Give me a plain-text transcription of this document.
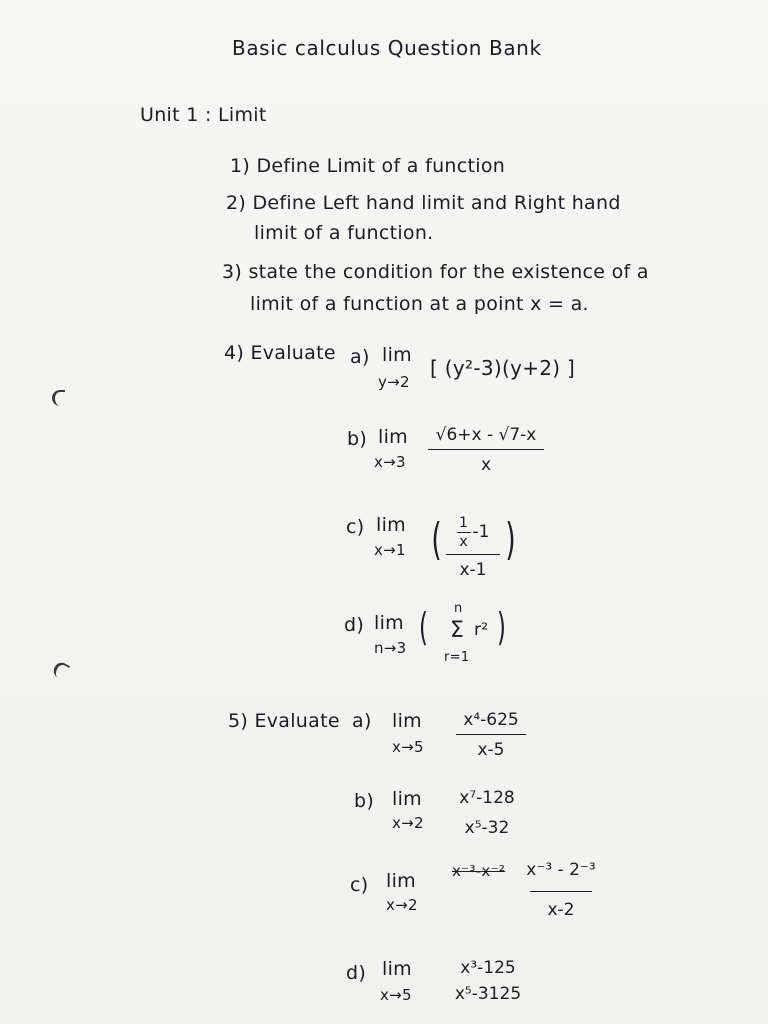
Basic calculus Question Bank
Unit 1 : Limit
1) Define Limit of a function
2) Define Left hand limit and Right hand
limit of a function.
3) state the condition for the existence of a
limit of a function at a point x = a.
4) Evaluate a) lim
y→2
[ (y²-3)(y+2) ]
b) lim
x→3
√6+x - √7-x
x
c) lim
x→1 ( 1
x -1
x-1
)
d) lim
n→3 ( n
Σ r²
r=1
)
5) Evaluate a) lim
x→5
x⁴-625
x-5
b) lim
x→2
x⁷-128
x⁵-32
c) lim
x→2
x⁻³-x⁻² x⁻³ - 2⁻³
x-2
d) lim
x→5
x³-125
x⁵-3125
